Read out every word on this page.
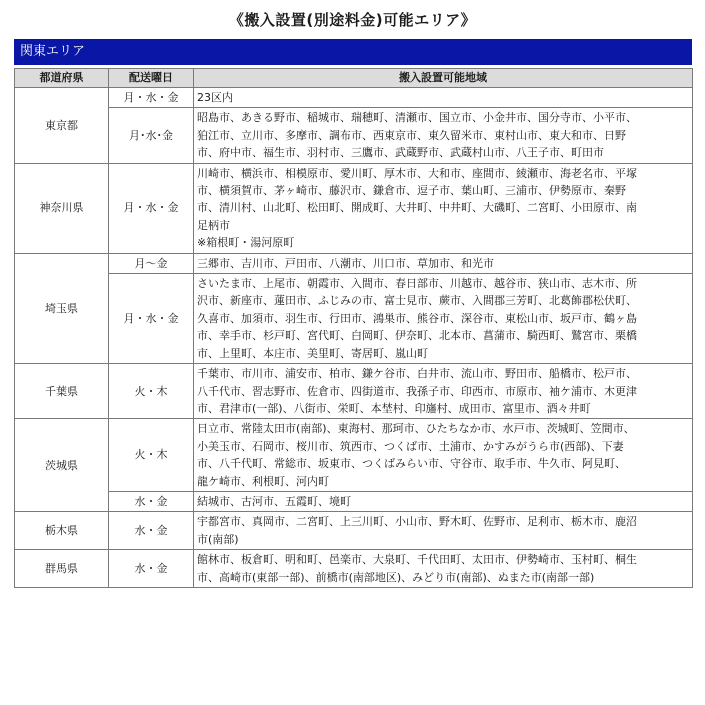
《搬入設置(別途料金)可能エリア》
関東エリア
都道府県	配送曜日	搬入設置可能地域
東京都	月・水・金	23区内

	月･水･金	昭島市、あきる野市、稲城市、瑞穂町、清瀬市、国立市、小金井市、国分寺市、小平市、
狛江市、立川市、多摩市、調布市、西東京市、東久留米市、東村山市、東大和市、日野
市、府中市、福生市、羽村市、三鷹市、武蔵野市、武蔵村山市、八王子市、町田市

神奈川県	月・水・金	川崎市、横浜市、相模原市、愛川町、厚木市、大和市、座間市、綾瀬市、海老名市、平塚
市、横須賀市、茅ヶ崎市、藤沢市、鎌倉市、逗子市、葉山町、三浦市、伊勢原市、秦野
市、清川村、山北町、松田町、開成町、大井町、中井町、大磯町、二宮町、小田原市、南
足柄市
※箱根町・湯河原町

埼玉県	月～金	三郷市、吉川市、戸田市、八潮市、川口市、草加市、和光市

	月・水・金	さいたま市、上尾市、朝霞市、入間市、春日部市、川越市、越谷市、狭山市、志木市、所
沢市、新座市、蓮田市、ふじみの市、富士見市、蕨市、入間郡三芳町、北葛飾郡松伏町、
久喜市、加須市、羽生市、行田市、鴻巣市、熊谷市、深谷市、東松山市、坂戸市、鶴ヶ島
市、幸手市、杉戸町、宮代町、白岡町、伊奈町、北本市、菖蒲市、騎西町、鷲宮市、栗橋
市、上里町、本庄市、美里町、寄居町、嵐山町

千葉県	火・木	千葉市、市川市、浦安市、柏市、鎌ケ谷市、白井市、流山市、野田市、船橋市、松戸市、
八千代市、習志野市、佐倉市、四街道市、我孫子市、印西市、市原市、袖ケ浦市、木更津
市、君津市(一部)、八街市、栄町、本埜村、印旛村、成田市、富里市、酒々井町

茨城県	火・木	日立市、常陸太田市(南部)、東海村、那珂市、ひたちなか市、水戸市、茨城町、笠間市、
小美玉市、石岡市、桜川市、筑西市、つくば市、土浦市、かすみがうら市(西部)、下妻
市、八千代町、常総市、坂東市、つくばみらい市、守谷市、取手市、牛久市、阿見町、
龍ケ崎市、利根町、河内町

	水・金	結城市、古河市、五霞町、境町

栃木県	水・金	宇都宮市、真岡市、二宮町、上三川町、小山市、野木町、佐野市、足利市、栃木市、鹿沼
市(南部)

群馬県	水・金	館林市、板倉町、明和町、邑楽市、大泉町、千代田町、太田市、伊勢崎市、玉村町、桐生
市、高崎市(東部一部)、前橋市(南部地区)、みどり市(南部)、ぬまた市(南部一部)
